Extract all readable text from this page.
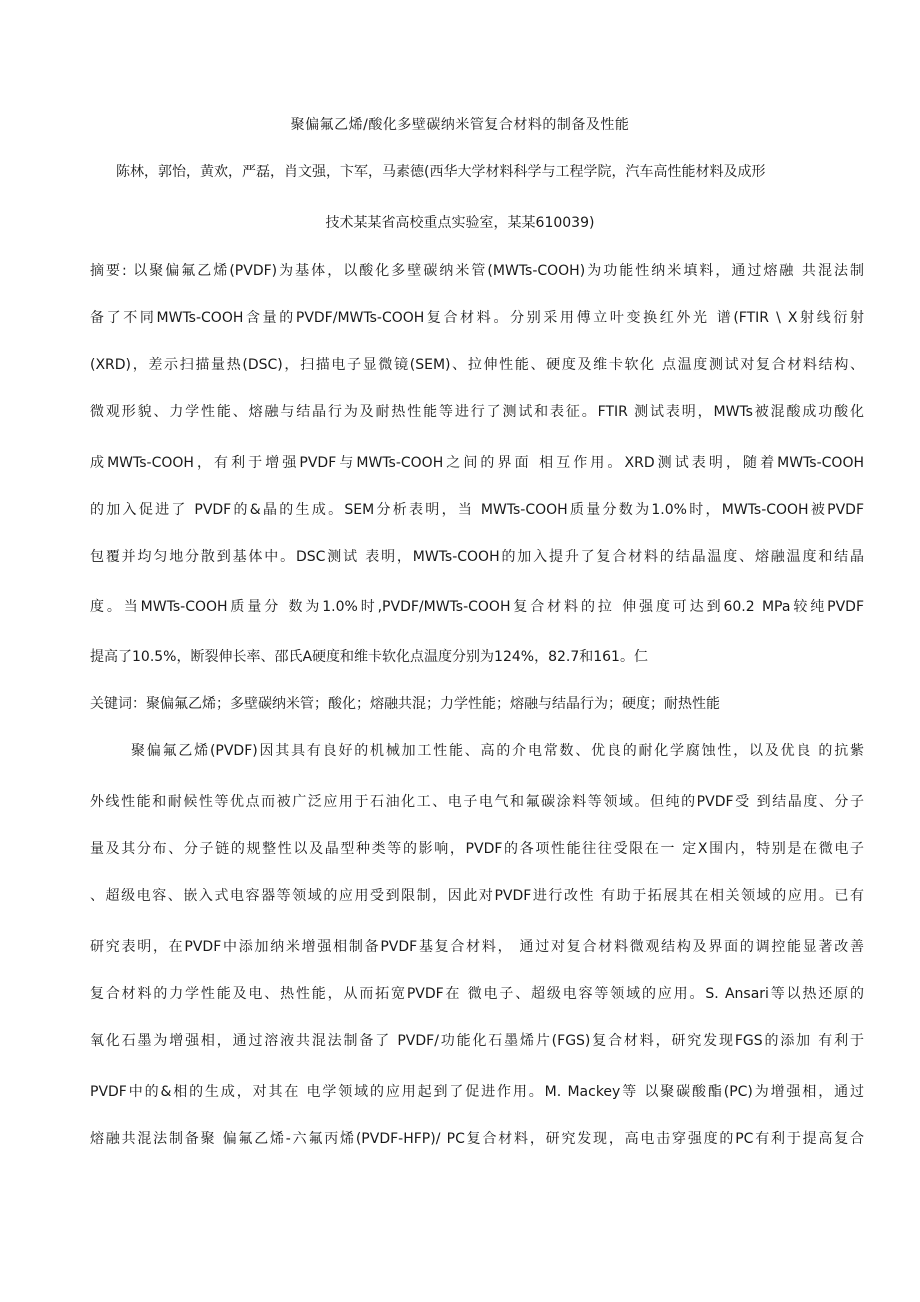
聚偏氟乙烯/酸化多壁碳纳米管复合材料的制备及性能
陈林，郭怡，黄欢，严磊，肖文强，卞军，马素德(西华大学材料科学与工程学院，汽车高性能材料及成形
技术某某省高校重点实验室，某某610039)
摘要: 以聚偏氟乙烯(PVDF)为基体，以酸化多壁碳纳米管(MWTs-COOH)为功能性纳米填料，通过熔融 共混法制
备了不同MWTs-COOH含量的PVDF/MWTs-COOH复合材料。分别采用傅立叶变换红外光 谱(FTIR \ X射线衍射
(XRD)，差示扫描量热(DSC)，扫描电子显微镜(SEM)、拉伸性能、硬度及维卡软化 点温度测试对复合材料结构、
微观形貌、力学性能、熔融与结晶行为及耐热性能等进行了测试和表征。FTIR 测试表明，MWTs被混酸成功酸化
成MWTs-COOH，有利于增强PVDF与MWTs-COOH之间的界面 相互作用。XRD测试表明，随着MWTs-COOH
的加入促进了 PVDF的&晶的生成。SEM分析表明，当 MWTs-COOH质量分数为1.0%时，MWTs-COOH被PVDF
包覆并均匀地分散到基体中。DSC测试 表明，MWTs-COOH的加入提升了复合材料的结晶温度、熔融温度和结晶
度。当MWTs-COOH质量分 数为1.0%时,PVDF/MWTs-COOH复合材料的拉 伸强度可达到60.2 MPa较纯PVDF
提高了10.5%，断裂伸长率、邵氏A硬度和维卡软化点温度分别为124%，82.7和161。仁
关键词：聚偏氟乙烯；多壁碳纳米管；酸化；熔融共混；力学性能；熔融与结晶行为；硬度；耐热性能
聚偏氟乙烯(PVDF)因其具有良好的机械加工性能、高的介电常数、优良的耐化学腐蚀性，以及优良 的抗紫
外线性能和耐候性等优点而被广泛应用于石油化工、电子电气和氟碳涂料等领域。但纯的PVDF受 到结晶度、分子
量及其分布、分子链的规整性以及晶型种类等的影响，PVDF的各项性能往往受限在一 定X围内，特别是在微电子
、超级电容、嵌入式电容器等领域的应用受到限制，因此对PVDF进行改性 有助于拓展其在相关领域的应用。已有
研究表明，在PVDF中添加纳米增强相制备PVDF基复合材料， 通过对复合材料微观结构及界面的调控能显著改善
复合材料的力学性能及电、热性能，从而拓宽PVDF在 微电子、超级电容等领域的应用。S. Ansari等以热还原的
氧化石墨为增强相，通过溶液共混法制备了 PVDF/功能化石墨烯片(FGS)复合材料，研究发现FGS的添加 有利于
PVDF中的&相的生成，对其在 电学领域的应用起到了促进作用。M. Mackey等 以聚碳酸酯(PC)为增强相，通过
熔融共混法制备聚 偏氟乙烯-六氟丙烯(PVDF-HFP)/ PC复合材料，研究发现，高电击穿强度的PC有利于提高复合
